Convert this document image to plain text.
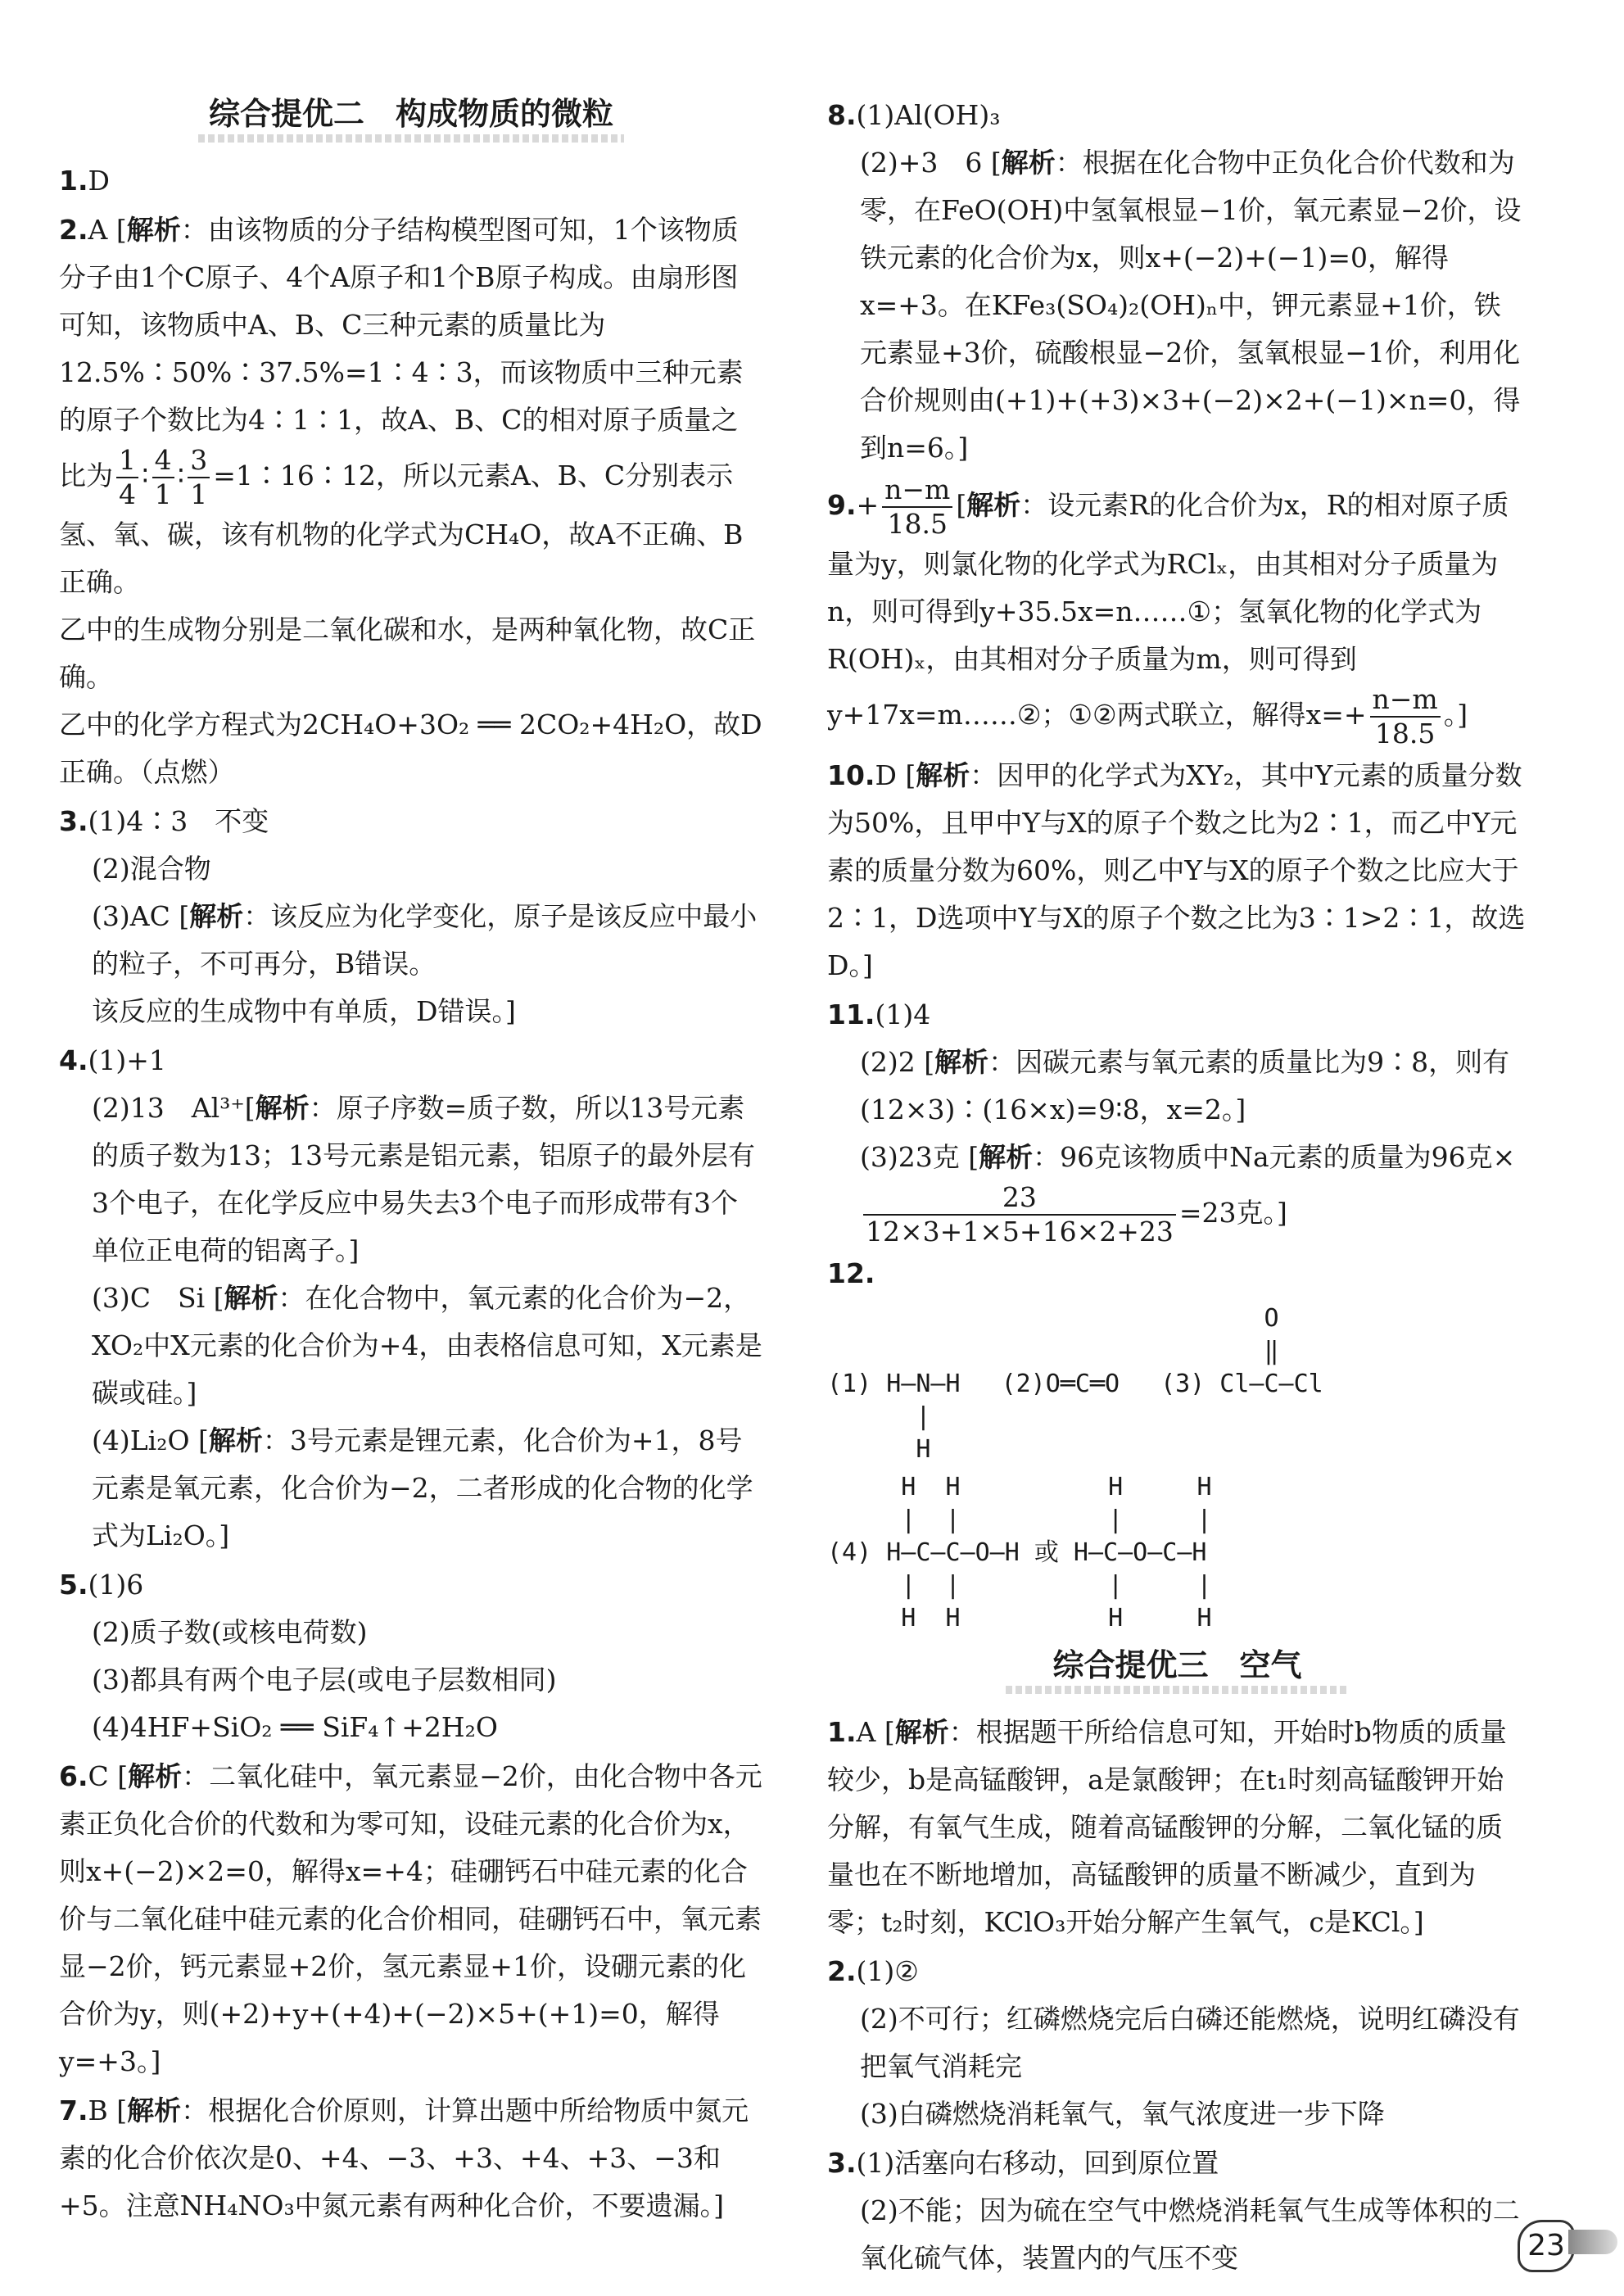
综合提优二　构成物质的微粒
1.D

2.A [解析：由该物质的分子结构模型图可知，1个该物质分子由1个C原子、4个A原子和1个B原子构成。由扇形图可知，该物质中A、B、C三种元素的质量比为12.5%∶50%∶37.5%=1∶4∶3，而该物质中三种元素的原子个数比为4∶1∶1，故A、B、C的相对原子质量之比为 $\frac{1}{4}$ ∶ $\frac{4}{1}$ ∶ $\frac{3}{1}$ =1∶16∶12，所以元素A、B、C分别表示氢、氧、碳，该有机物的化学式为CH₄O，故A不正确、B正确。

乙中的生成物分别是二氧化碳和水，是两种氧化物，故C正确。

乙中的化学方程式为2CH₄O+3O₂ ══ 2CO₂+4H₂O，故D正确。（点燃）

3.(1)4∶3　不变

(2)混合物

(3)AC [解析：该反应为化学变化，原子是该反应中最小的粒子，不可再分，B错误。

该反应的生成物中有单质，D错误。]

4.(1)+1

(2)13　Al³⁺[解析：原子序数=质子数，所以13号元素的质子数为13；13号元素是铝元素，铝原子的最外层有3个电子，在化学反应中易失去3个电子而形成带有3个单位正电荷的铝离子。]

(3)C　Si [解析：在化合物中，氧元素的化合价为−2，XO₂中X元素的化合价为+4，由表格信息可知，X元素是碳或硅。]

(4)Li₂O [解析：3号元素是锂元素，化合价为+1，8号元素是氧元素，化合价为−2，二者形成的化合物的化学式为Li₂O。]

5.(1)6

(2)质子数(或核电荷数)

(3)都具有两个电子层(或电子层数相同)

(4)4HF+SiO₂ ══ SiF₄↑+2H₂O

6.C [解析：二氧化硅中，氧元素显−2价，由化合物中各元素正负化合价的代数和为零可知，设硅元素的化合价为x，则x+(−2)×2=0，解得x=+4；硅硼钙石中硅元素的化合价与二氧化硅中硅元素的化合价相同，硅硼钙石中，氧元素显−2价，钙元素显+2价，氢元素显+1价，设硼元素的化合价为y，则(+2)+y+(+4)+(−2)×5+(+1)=0，解得y=+3。]

7.B [解析：根据化合价原则，计算出题中所给物质中氮元素的化合价依次是0、+4、−3、+3、+4、+3、−3和+5。注意NH₄NO₃中氮元素有两种化合价，不要遗漏。]

8.(1)Al(OH)₃

(2)+3　6 [解析：根据在化合物中正负化合价代数和为零，在FeO(OH)中氢氧根显−1价，氧元素显−2价，设铁元素的化合价为x，则x+(−2)+(−1)=0，解得x=+3。在KFe₃(SO₄)₂(OH)ₙ中，钾元素显+1价，铁元素显+3价，硫酸根显−2价，氢氧根显−1价，利用化合价规则由(+1)+(+3)×3+(−2)×2+(−1)×n=0，得到n=6。]

$9.+ \frac{n-m}{18.5}$ [解析：设元素R的化合价为x，R的相对原子质量为y，则氯化物的化学式为RClₓ，由其相对分子质量为n，则可得到y+35.5x=n……①；氢氧化物的化学式为R(OH)ₓ，由其相对分子质量为m，则可得到y+17x=m……②；①②两式联立，解得$x=+ \frac{n-m}{18.5}$ 。]

10.D [解析：因甲的化学式为XY₂，其中Y元素的质量分数为50%，且甲中Y与X的原子个数之比为2∶1，而乙中Y元素的质量分数为60%，则乙中Y与X的原子个数之比应大于2∶1，D选项中Y与X的原子个数之比为3∶1>2∶1，故选D。]

11.(1)4

(2)2 [解析：因碳元素与氧元素的质量比为9∶8，则有(12×3)∶(16×x)=9∶8，x=2。]

(3)23克 [解析：96克该物质中Na元素的质量为96克×
$\frac{23}{12\times 3+1\times 5+16\times 2+23} =23$克。]

12.
(1) H—N—H
|
H
(2)O═C═O
O
‖
(3) Cl—C—Cl
H  H          H     H
|  |          |     |
(4) H—C—C—O—H 或 H—C—O—C—H
|  |          |     |
H  H          H     H
综合提优三　空气

1.A [解析：根据题干所给信息可知，开始时b物质的质量较少，b是高锰酸钾，a是氯酸钾；在t₁时刻高锰酸钾开始分解，有氧气生成，随着高锰酸钾的分解，二氧化锰的质量也在不断地增加，高锰酸钾的质量不断减少，直到为零；t₂时刻，KClO₃开始分解产生氧气，c是KCl。]

2.(1)②

(2)不可行；红磷燃烧完后白磷还能燃烧，说明红磷没有把氧气消耗完

(3)白磷燃烧消耗氧气，氧气浓度进一步下降

3.(1)活塞向右移动，回到原位置

(2)不能；因为硫在空气中燃烧消耗氧气生成等体积的二氧化硫气体，装置内的气压不变	23
